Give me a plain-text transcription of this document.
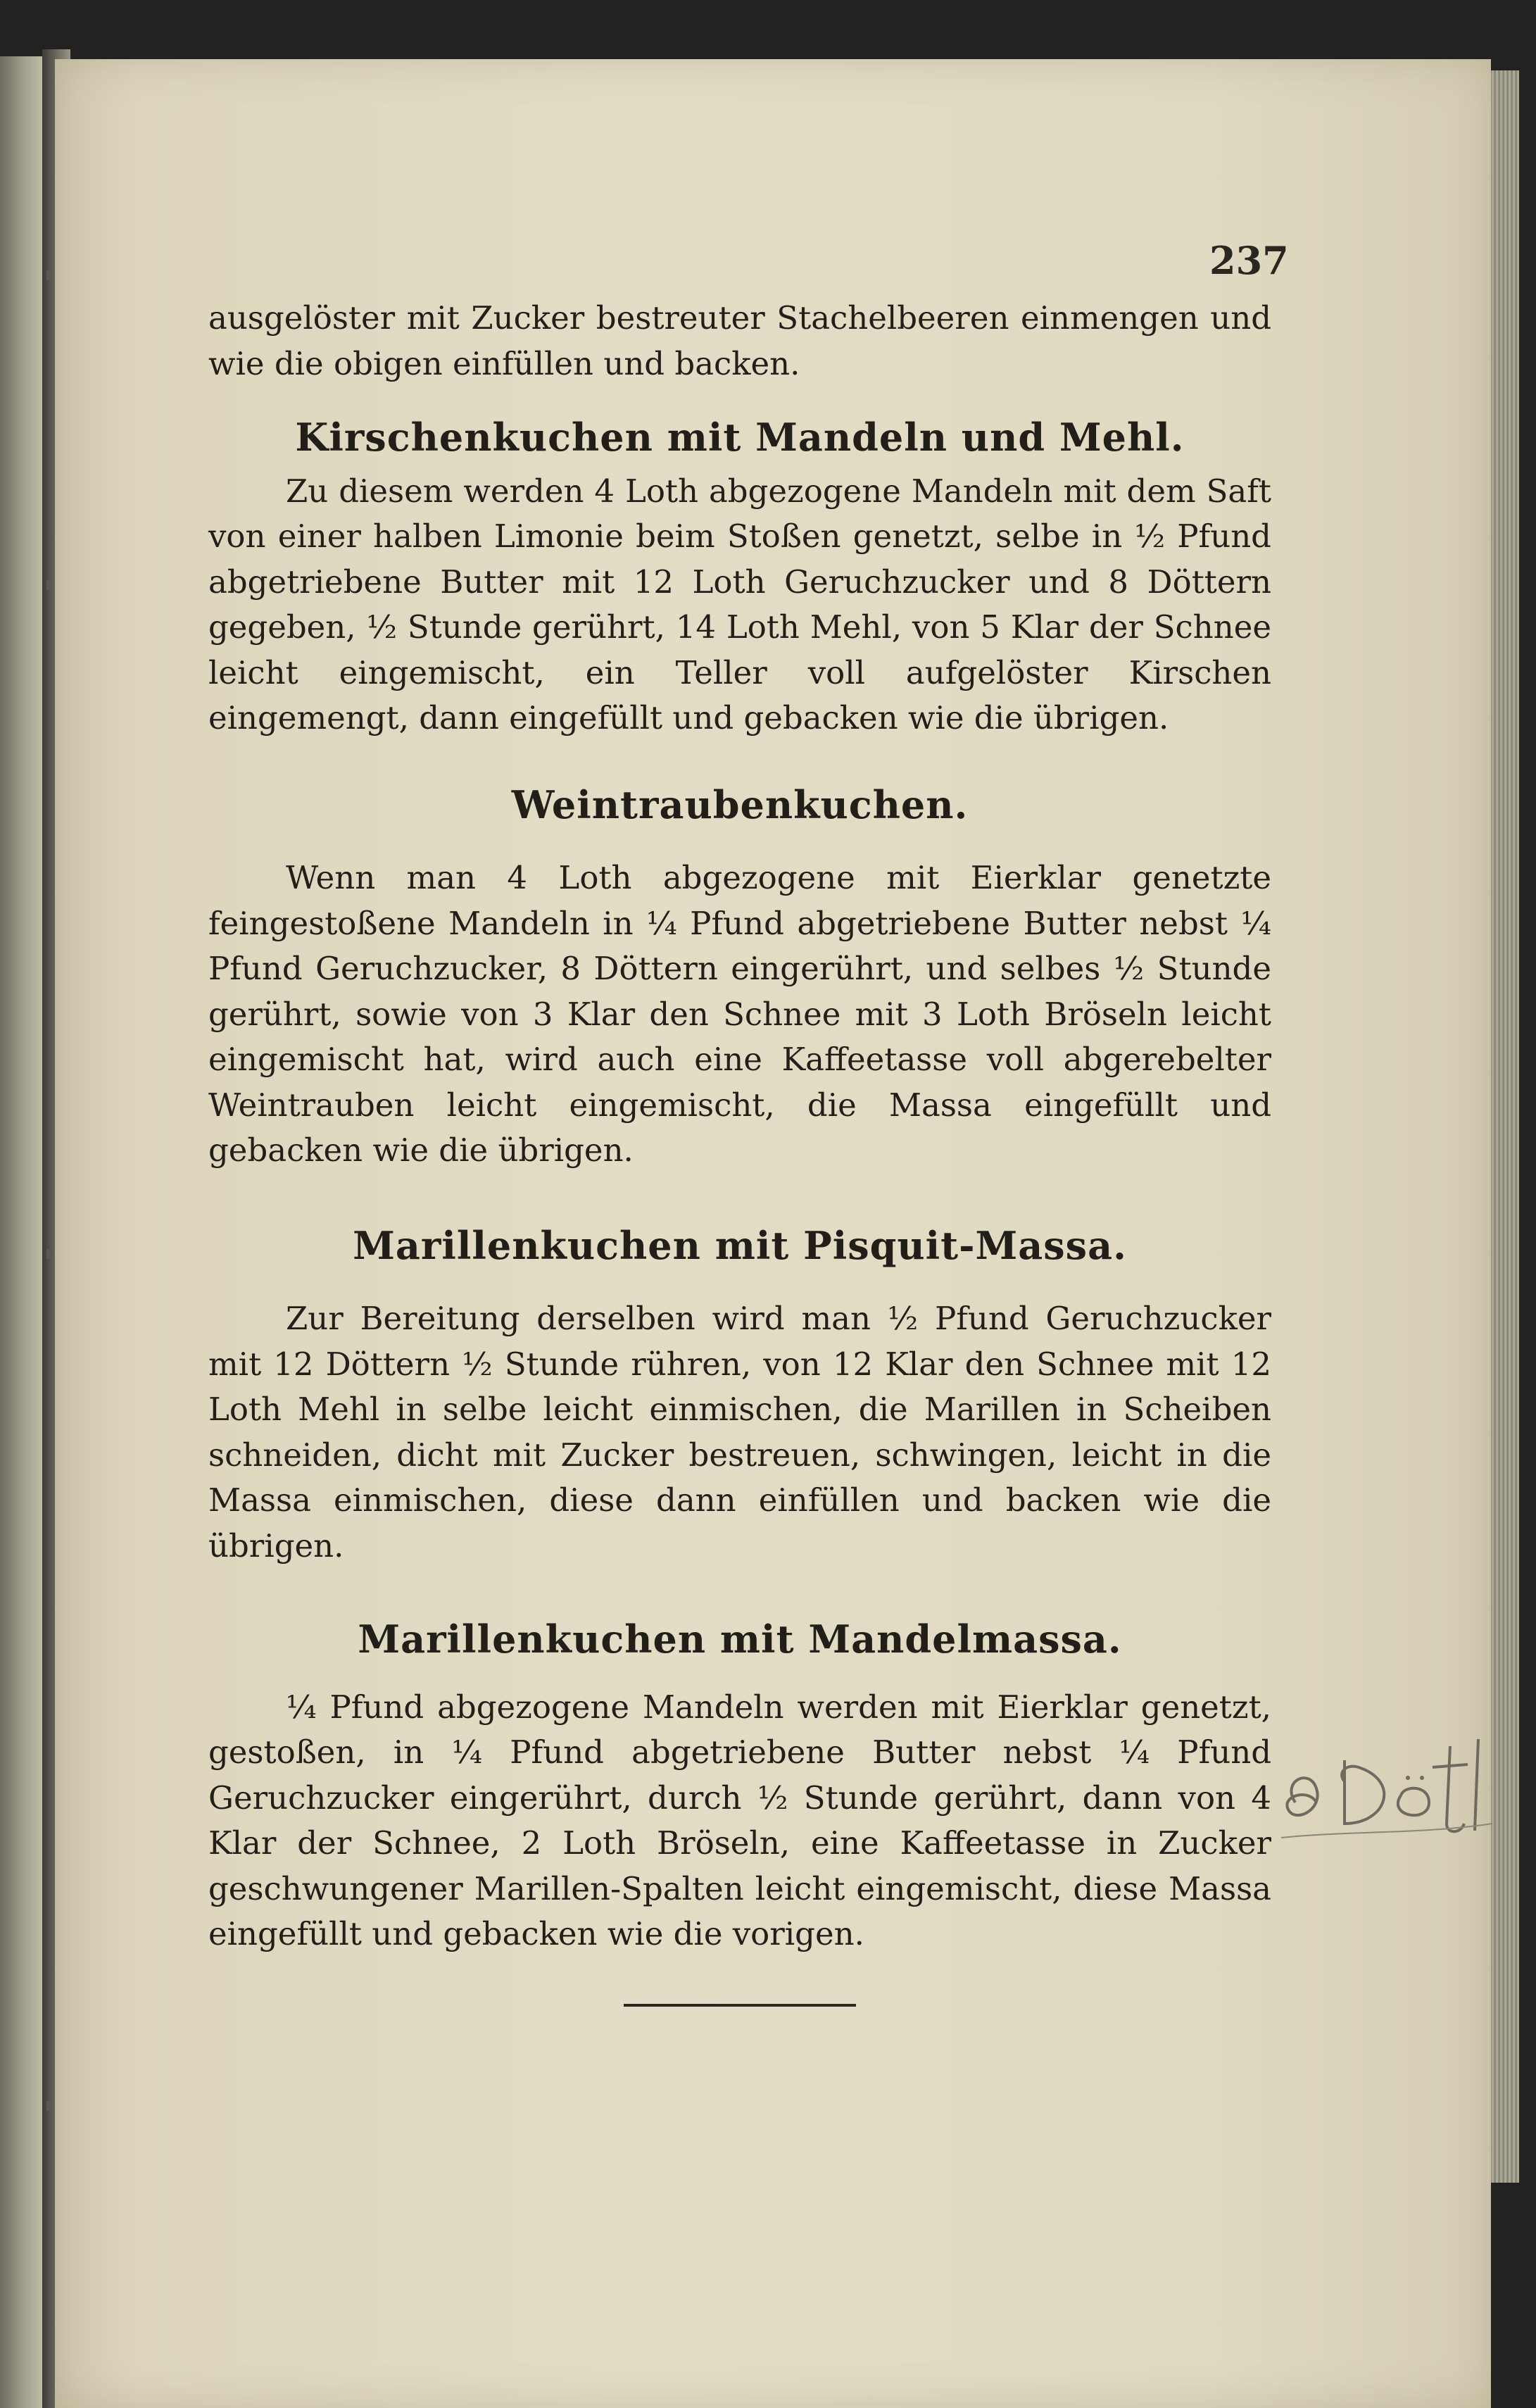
237

ausgelöster mit Zucker bestreuter Stachelbeeren einmengen und wie die obigen einfüllen und backen.

Kirschenkuchen mit Mandeln und Mehl.

Zu diesem werden 4 Loth abgezogene Mandeln mit dem Saft von einer halben Limonie beim Stoßen genetzt, selbe in ½ Pfund abgetriebene Butter mit 12 Loth Geruchzucker und 8 Döttern gegeben, ½ Stunde gerührt, 14 Loth Mehl, von 5 Klar der Schnee leicht eingemischt, ein Teller voll aufgelöster Kirschen eingemengt, dann eingefüllt und gebacken wie die übrigen.

Weintraubenkuchen.

Wenn man 4 Loth abgezogene mit Eierklar genetzte feingestoßene Mandeln in ¼ Pfund abgetriebene Butter nebst ¼ Pfund Geruchzucker, 8 Döttern eingerührt, und selbes ½ Stunde gerührt, sowie von 3 Klar den Schnee mit 3 Loth Bröseln leicht eingemischt hat, wird auch eine Kaffeetasse voll abgerebelter Weintrauben leicht eingemischt, die Massa eingefüllt und gebacken wie die übrigen.

Marillenkuchen mit Pisquit-Massa.

Zur Bereitung derselben wird man ½ Pfund Geruchzucker mit 12 Döttern ½ Stunde rühren, von 12 Klar den Schnee mit 12 Loth Mehl in selbe leicht einmischen, die Marillen in Scheiben schneiden, dicht mit Zucker bestreuen, schwingen, leicht in die Massa einmischen, diese dann einfüllen und backen wie die übrigen.

Marillenkuchen mit Mandelmassa.

¼ Pfund abgezogene Mandeln werden mit Eierklar genetzt, gestoßen, in ¼ Pfund abgetriebene Butter nebst ¼ Pfund Geruchzucker eingerührt, durch ½ Stunde gerührt, dann von 4 Klar der Schnee, 2 Loth Bröseln, eine Kaffeetasse in Zucker geschwungener Marillen-Spalten leicht eingemischt, diese Massa eingefüllt und gebacken wie die vorigen.
